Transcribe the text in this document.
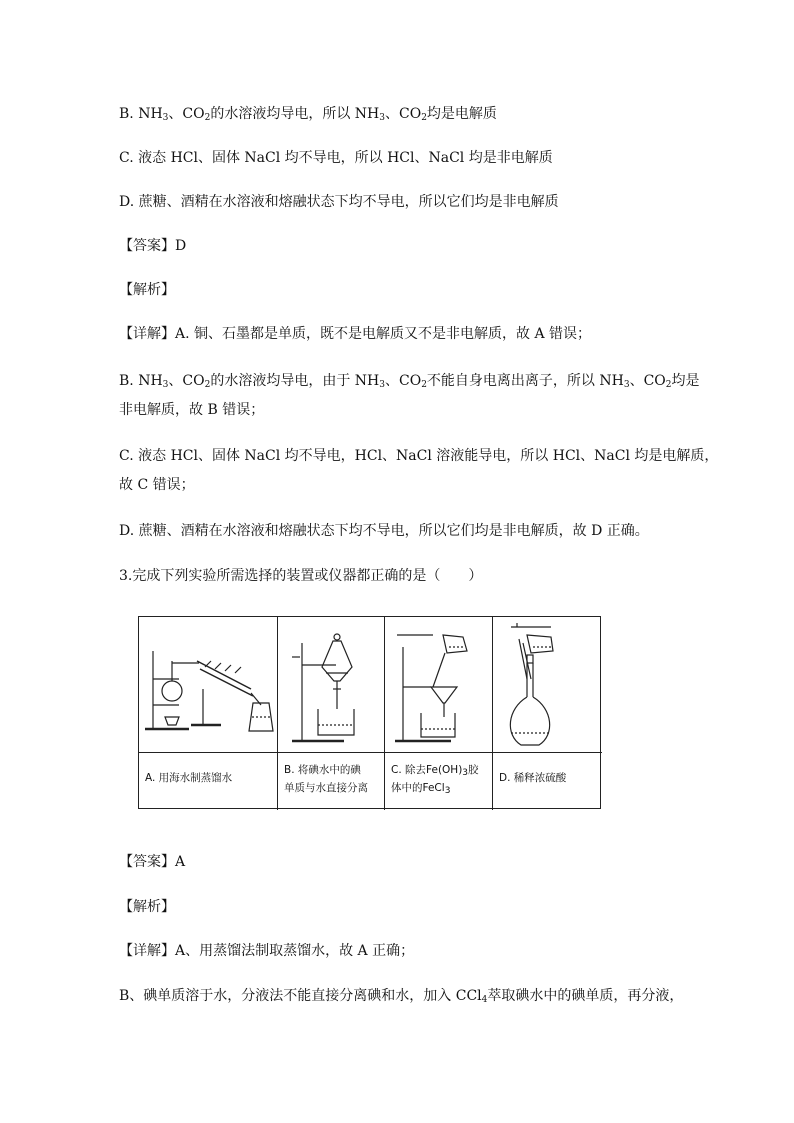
B. $NH_3$、$CO_2$的水溶液均导电，所以 $NH_3$、$CO_2$均是电解质
C. 液态 HCl、固体 NaCl 均不导电，所以 HCl、NaCl 均是非电解质
D. 蔗糖、酒精在水溶液和熔融状态下均不导电，所以它们均是非电解质
【答案】D
【解析】
【详解】A. 铜、石墨都是单质，既不是电解质又不是非电解质，故 A 错误；
B. $NH_3$、$CO_2$的水溶液均导电，由于 $NH_3$、$CO_2$不能自身电离出离子，所以 $NH_3$、$CO_2$均是
非电解质，故 B 错误；
C. 液态 HCl、固体 NaCl 均不导电，HCl、NaCl 溶液能导电，所以 HCl、NaCl 均是电解质，
故 C 错误；
D. 蔗糖、酒精在水溶液和熔融状态下均不导电，所以它们均是非电解质，故 D 正确。
3.完成下列实验所需选择的装置或仪器都正确的是（　　）
A. 用海水制蒸馏水
B. 将碘水中的碘
单质与水直接分离
C. 除去$Fe(OH)_3$胶
体中的FeCl$_3$
D. 稀释浓硫酸
【答案】A
【解析】
【详解】A、用蒸馏法制取蒸馏水，故 A 正确；
B、碘单质溶于水，分液法不能直接分离碘和水，加入 CCl$_4$萃取碘水中的碘单质，再分液，
